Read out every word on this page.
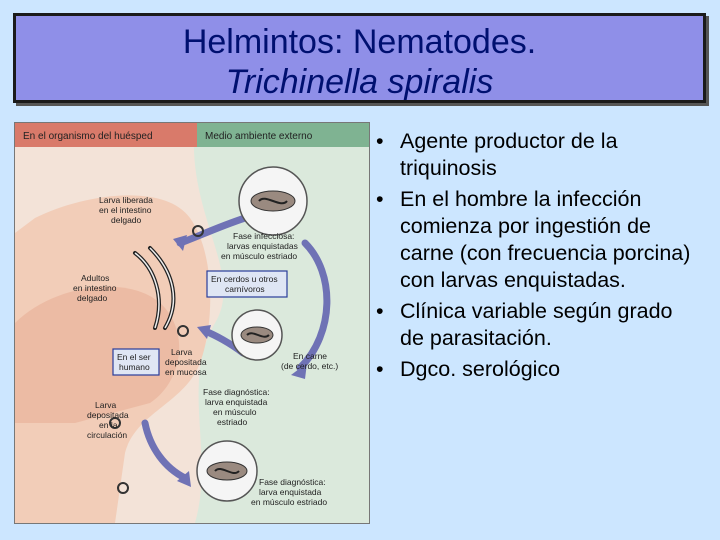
Helmintos: Nematodes.
Trichinella spiralis
En el organismo del huésped	Medio ambiente externo
Larva liberada en el intestino delgado
Adultos en intestino delgado
Fase infecciosa: larvas enquistadas en músculo estriado
En cerdos u otros carnívoros
En el ser humano
Larva depositada en mucosa
En carne (de cerdo, etc.)
Fase diagnóstica: larva enquistada en músculo estriado
Larva depositada en la circulación
Fase diagnóstica: larva enquistada en músculo estriado
• Agente productor de la triquinosis
• En el hombre la infección comienza por ingestión de carne (con frecuencia porcina) con larvas enquistadas.
• Clínica variable según grado de parasitación.
• Dgco. serológico
